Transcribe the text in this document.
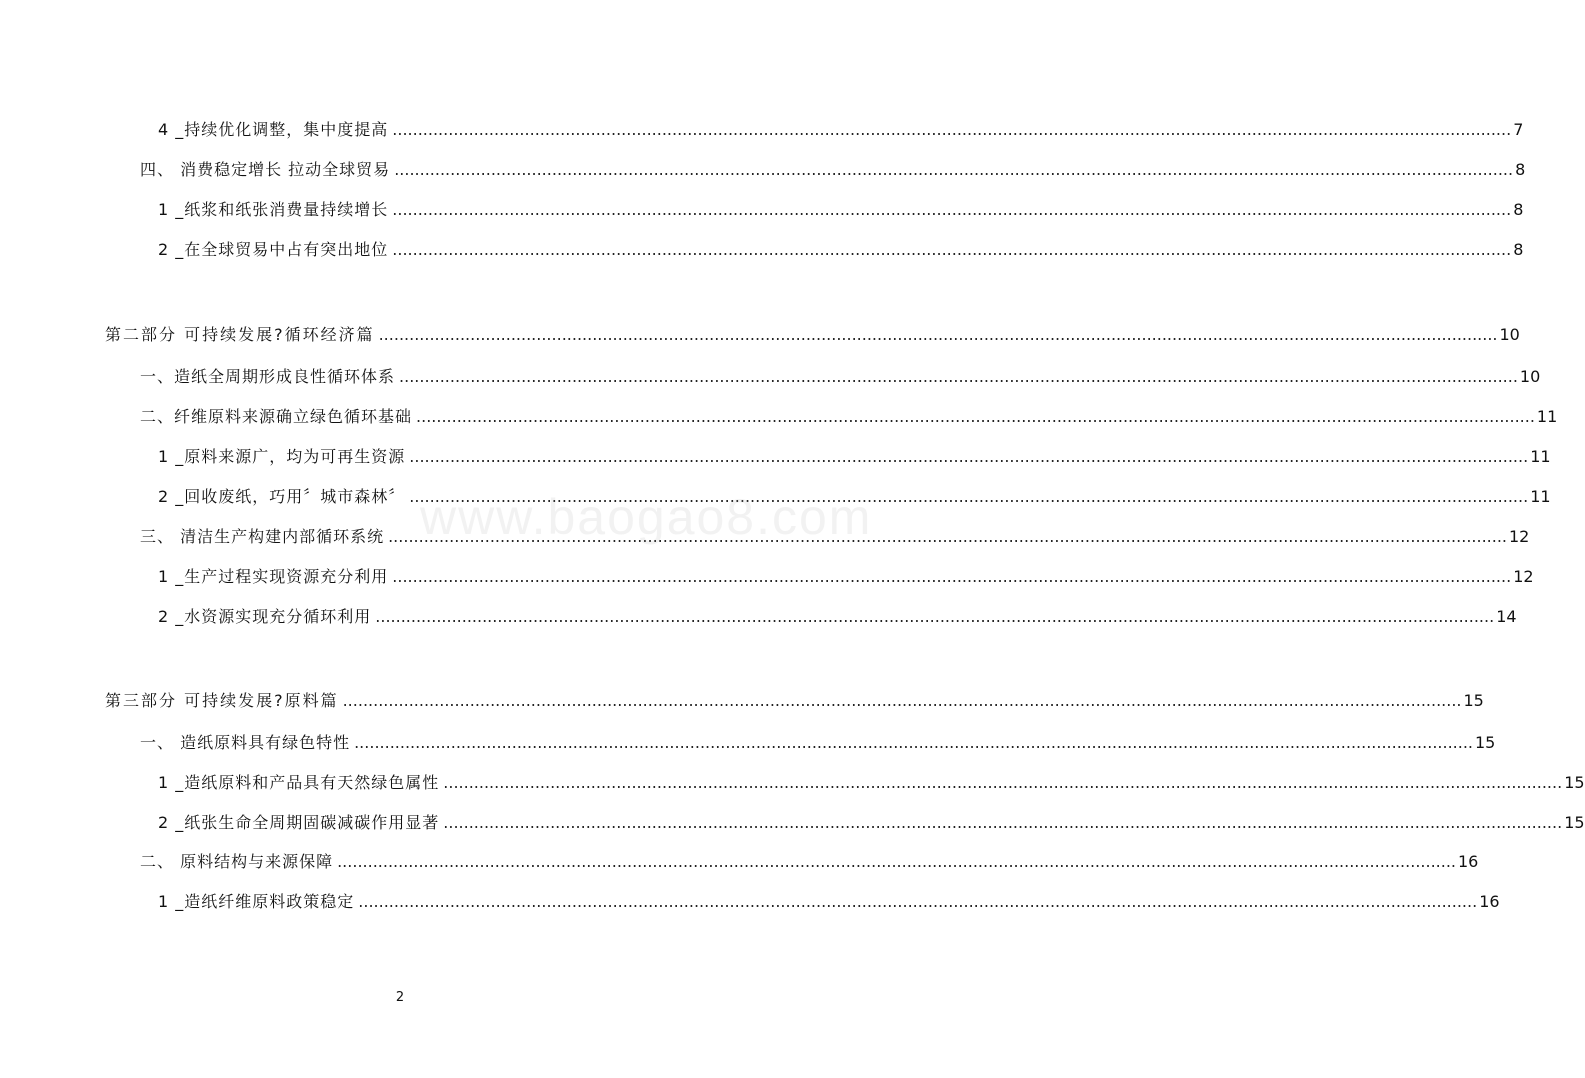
4 _持续优化调整，集中度提高 .....	7
四、 消费稳定增长 拉动全球贸易 .....	8
1 _纸浆和纸张消费量持续增长 .....	8
2 _在全球贸易中占有突出地位 .....	8
第二部分 可持续发展?循环经济篇 .....	10
一、造纸全周期形成良性循环体系 .....	10
二、纤维原料来源确立绿色循环基础 .....	11
1 _原料来源广，均为可再生资源 .....	11
2 _回收废纸，巧用〞城市森林〞 .....	11
三、 清洁生产构建内部循环系统 .....	12
1 _生产过程实现资源充分利用 .....	12
2 _水资源实现充分循环利用 .....	14
第三部分 可持续发展?原料篇 .....	15
一、 造纸原料具有绿色特性 .....	15
1 _造纸原料和产品具有天然绿色属性 .....	15
2 _纸张生命全周期固碳减碳作用显著 .....	15
二、 原料结构与来源保障 .....	16
1 _造纸纤维原料政策稳定 .....	16
www.baogao8.com
2
